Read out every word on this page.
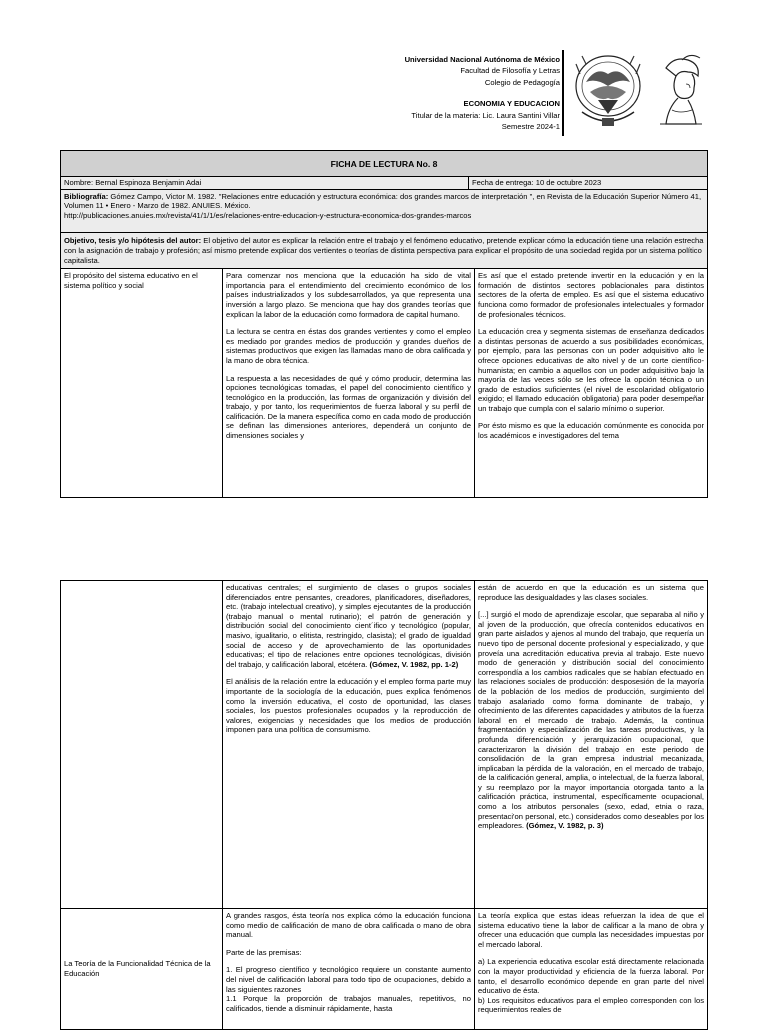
Universidad Nacional Autónoma de México
Facultad de Filosofía y Letras
Colegio de Pedagogía
ECONOMIA Y EDUCACION
Titular de la materia: Lic. Laura Santini Villar
Semestre 2024-1
FICHA DE LECTURA No. 8
Nombre: Bernal Espinoza Benjamin Adai	Fecha de entrega: 10 de octubre 2023
Bibliografía: Gómez Campo, Victor M. 1982. "Relaciones entre educación y estructura económica: dos grandes marcos de interpretación ", en Revista de la Educación Superior Número 41, Volumen 11 • Enero - Marzo de 1982. ANUIES. México.
http://publicaciones.anuies.mx/revista/41/1/1/es/relaciones-entre-educacion-y-estructura-economica-dos-grandes-marcos
Objetivo, tesis y/o hipótesis del autor: El objetivo del autor es explicar la relación entre el trabajo y el fenómeno educativo, pretende explicar cómo la educación tiene una relación estrecha con la asignación de trabajo y profesión; así mismo pretende explicar dos vertientes o teorías de distinta perspectiva para explicar el propósito de una sociedad regida por un sistema político capitalista.
El propósito del sistema educativo en el sistema político y social

Para comenzar nos menciona que la educación ha sido de vital importancia para el entendimiento del crecimiento económico de los países industrializados y los subdesarrollados, ya que representa una inversión a largo plazo. Se menciona que hay dos grandes teorías que explican la labor de la educación como formadora de capital humano.

La lectura se centra en éstas dos grandes vertientes y como el empleo es mediado por grandes medios de producción y grandes dueños de sistemas productivos que exigen las llamadas mano de obra calificada y la mano de obra técnica.

La respuesta a las necesidades de qué y cómo producir, determina las opciones tecnológicas tomadas, el papel del conocimiento científico y tecnológico en la producción, las formas de organización y división del trabajo, y por tanto, los requerimientos de fuerza laboral y su perfil de calificación. De la manera específica como en cada modo de producción se definan las dimensiones anteriores, dependerá un conjunto de dimensiones sociales y

Es así que el estado pretende invertir en la educación y en la formación de distintos sectores poblacionales para distintos sectores de la oferta de empleo. Es así que el sistema educativo funciona como formador de profesionales intelectuales y formador de profesionales técnicos.

La educación crea y segmenta sistemas de enseñanza dedicados a distintas personas de acuerdo a sus posibilidades económicas, por ejemplo, para las personas con un poder adquisitivo alto le ofrece opciones educativas de alto nivel y de un corte científico-humanista; en cambio a aquellos con un poder adquisitivo bajo la mayoría de las veces sólo se les ofrece la opción técnica o un grado de estudios suficientes (el nivel de escolaridad obligatorio exigido; el llamado educación obligatoria) para poder desempeñar un trabajo que cumpla con el salario mínimo o superior.

Por ésto mismo es que la educación comúnmente es conocida por los académicos e investigadores del tema

educativas centrales; el surgimiento de clases o grupos sociales diferenciados entre pensantes, creadores, planificadores, diseñadores, etc. (trabajo intelectual creativo), y simples ejecutantes de la producción (trabajo manual o mental rutinario); el patrón de generación y distribución social del conocimiento cient´ifico y tecnológico (popular, masivo, igualitario, o elitista, restringido, clasista); el grado de igualdad social de acceso y de aprovechamiento de las oportunidades educativas; el tipo de relaciones entre opciones tecnológicas, división del trabajo, y calificación laboral, etcétera. (Gómez, V. 1982, pp. 1-2)

El análisis de la relación entre la educación y el empleo forma parte muy importante de la sociología de la educación, pues explica fenómenos como la inversión educativa, el costo de oportunidad, las clases sociales, los puestos profesionales ocupados y la reproducción de valores, exigencias y necesidades que los medios de producción imponen para una política de consumismo.

están de acuerdo en que la educación es un sistema que reproduce las desigualdades y las clases sociales.

[...] surgió el modo de aprendizaje escolar, que separaba al niño y al joven de la producción, que ofrecía contenidos educativos en gran parte aislados y ajenos al mundo del trabajo, que requería un nuevo tipo de personal docente profesional y especializado, y que proveía una acreditación educativa previa al trabajo. Este nuevo modo de generación y distribución social del conocimiento correspondía a los cambios radicales que se habían efectuado en las relaciones sociales de producción: desposesión de la mayoría de la población de los medios de producción, surgimiento del trabajo asalariado como forma dominante de trabajo, y ofrecimiento de las diferentes capacidades y atributos de la fuerza laboral en el mercado de trabajo. Además, la continua fragmentación y especialización de las tareas productivas, y la profunda diferenciación y jerarquización ocupacional, que caracterizaron la división del trabajo en este periodo de consolidación de la gran empresa industrial mecanizada, implicaban la pérdida de la valoración, en el mercado de trabajo, de la calificación general, amplia, o intelectual, de la fuerza laboral, y su reemplazo por la mayor importancia otorgada tanto a la calificación práctica, instrumental, específicamente ocupacional, como a los atributos personales (sexo, edad, etnia o raza, presentaci'on personal, etc.) considerados como deseables por los empleadores. (Gómez, V. 1982, p. 3)

La Teoría de la Funcionalidad Técnica de la Educación

A grandes rasgos, ésta teoría nos explica cómo la educación funciona como medio de calificación de mano de obra calificada o mano de obra manual.

Parte de las premisas:

1. El progreso científico y tecnológico requiere un constante aumento del nivel de calificación laboral para todo tipo de ocupaciones, debido a las siguientes razones

1.1 Porque la proporción de trabajos manuales, repetitivos, no calificados, tiende a disminuir rápidamente, hasta

La teoría explica que estas ideas refuerzan la idea de que el sistema educativo tiene la labor de calificar a la mano de obra y ofrecer una educación que cumpla las necesidades impuestas por el mercado laboral.

a) La experiencia educativa escolar está directamente relacionada con la mayor productividad y eficiencia de la fuerza laboral. Por tanto, el desarrollo económico depende en gran parte del nivel educativo de ésta.

b) Los requisitos educativos para el empleo corresponden con los requerimientos reales de
